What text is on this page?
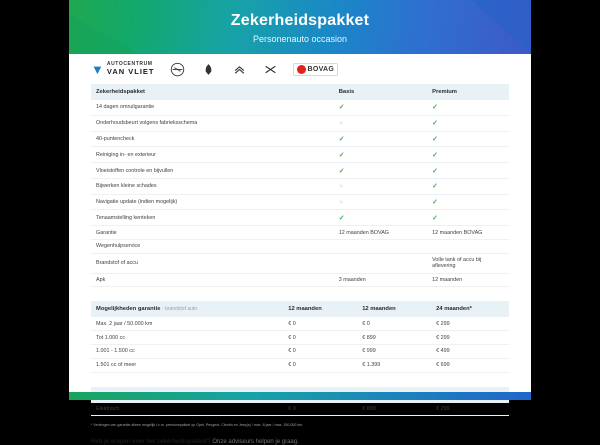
Zekerheidspakket
Personenauto occasion
▼ AUTOCENTRUM
VAN VLIET	BOVAG
Zekerheidspakket	Basis	Premium
14 dagen omruilgarantie	✓	✓
Onderhoudsbeurt volgens fabrieksschema	✕	✓
40-puntencheck	✓	✓
Reiniging in- en exterieur	✓	✓
Vloeistoffen controle en bijvullen	✓	✓
Bijwerken kleine schades	✕	✓
Navigatie update (indien mogelijk)	✕	✓
Tenaamstelling kenteken	✓	✓
Garantie	12 maanden BOVAG	12 maanden BOVAG
Wegenhulpservice		
Brandstof of accu		Volle tank of accu bij aflevering
Apk	3 maanden	12 maanden
Mogelijkheden garantie - brandstof auto	12 maanden	12 maanden	24 maanden*
Max. 2 jaar / 50.000 km	€ 0	€ 0	€ 299
Tot 1.000 cc	€ 0	€ 899	€ 299
1.001 - 1.500 cc	€ 0	€ 999	€ 499
1.501 cc of meer	€ 0	€ 1.399	€ 699

Elektrisch	€ 0	€ 899	€ 299
* Verlengen van garantie alleen mogelijk i.c.m. premiumpakket op Opel, Peugeot, Citroën en Jeep(s) / max. 8 jaar / max. 150.000 km.
Heb je vragen over het zekerheidspakket? Onze adviseurs helpen je graag.
